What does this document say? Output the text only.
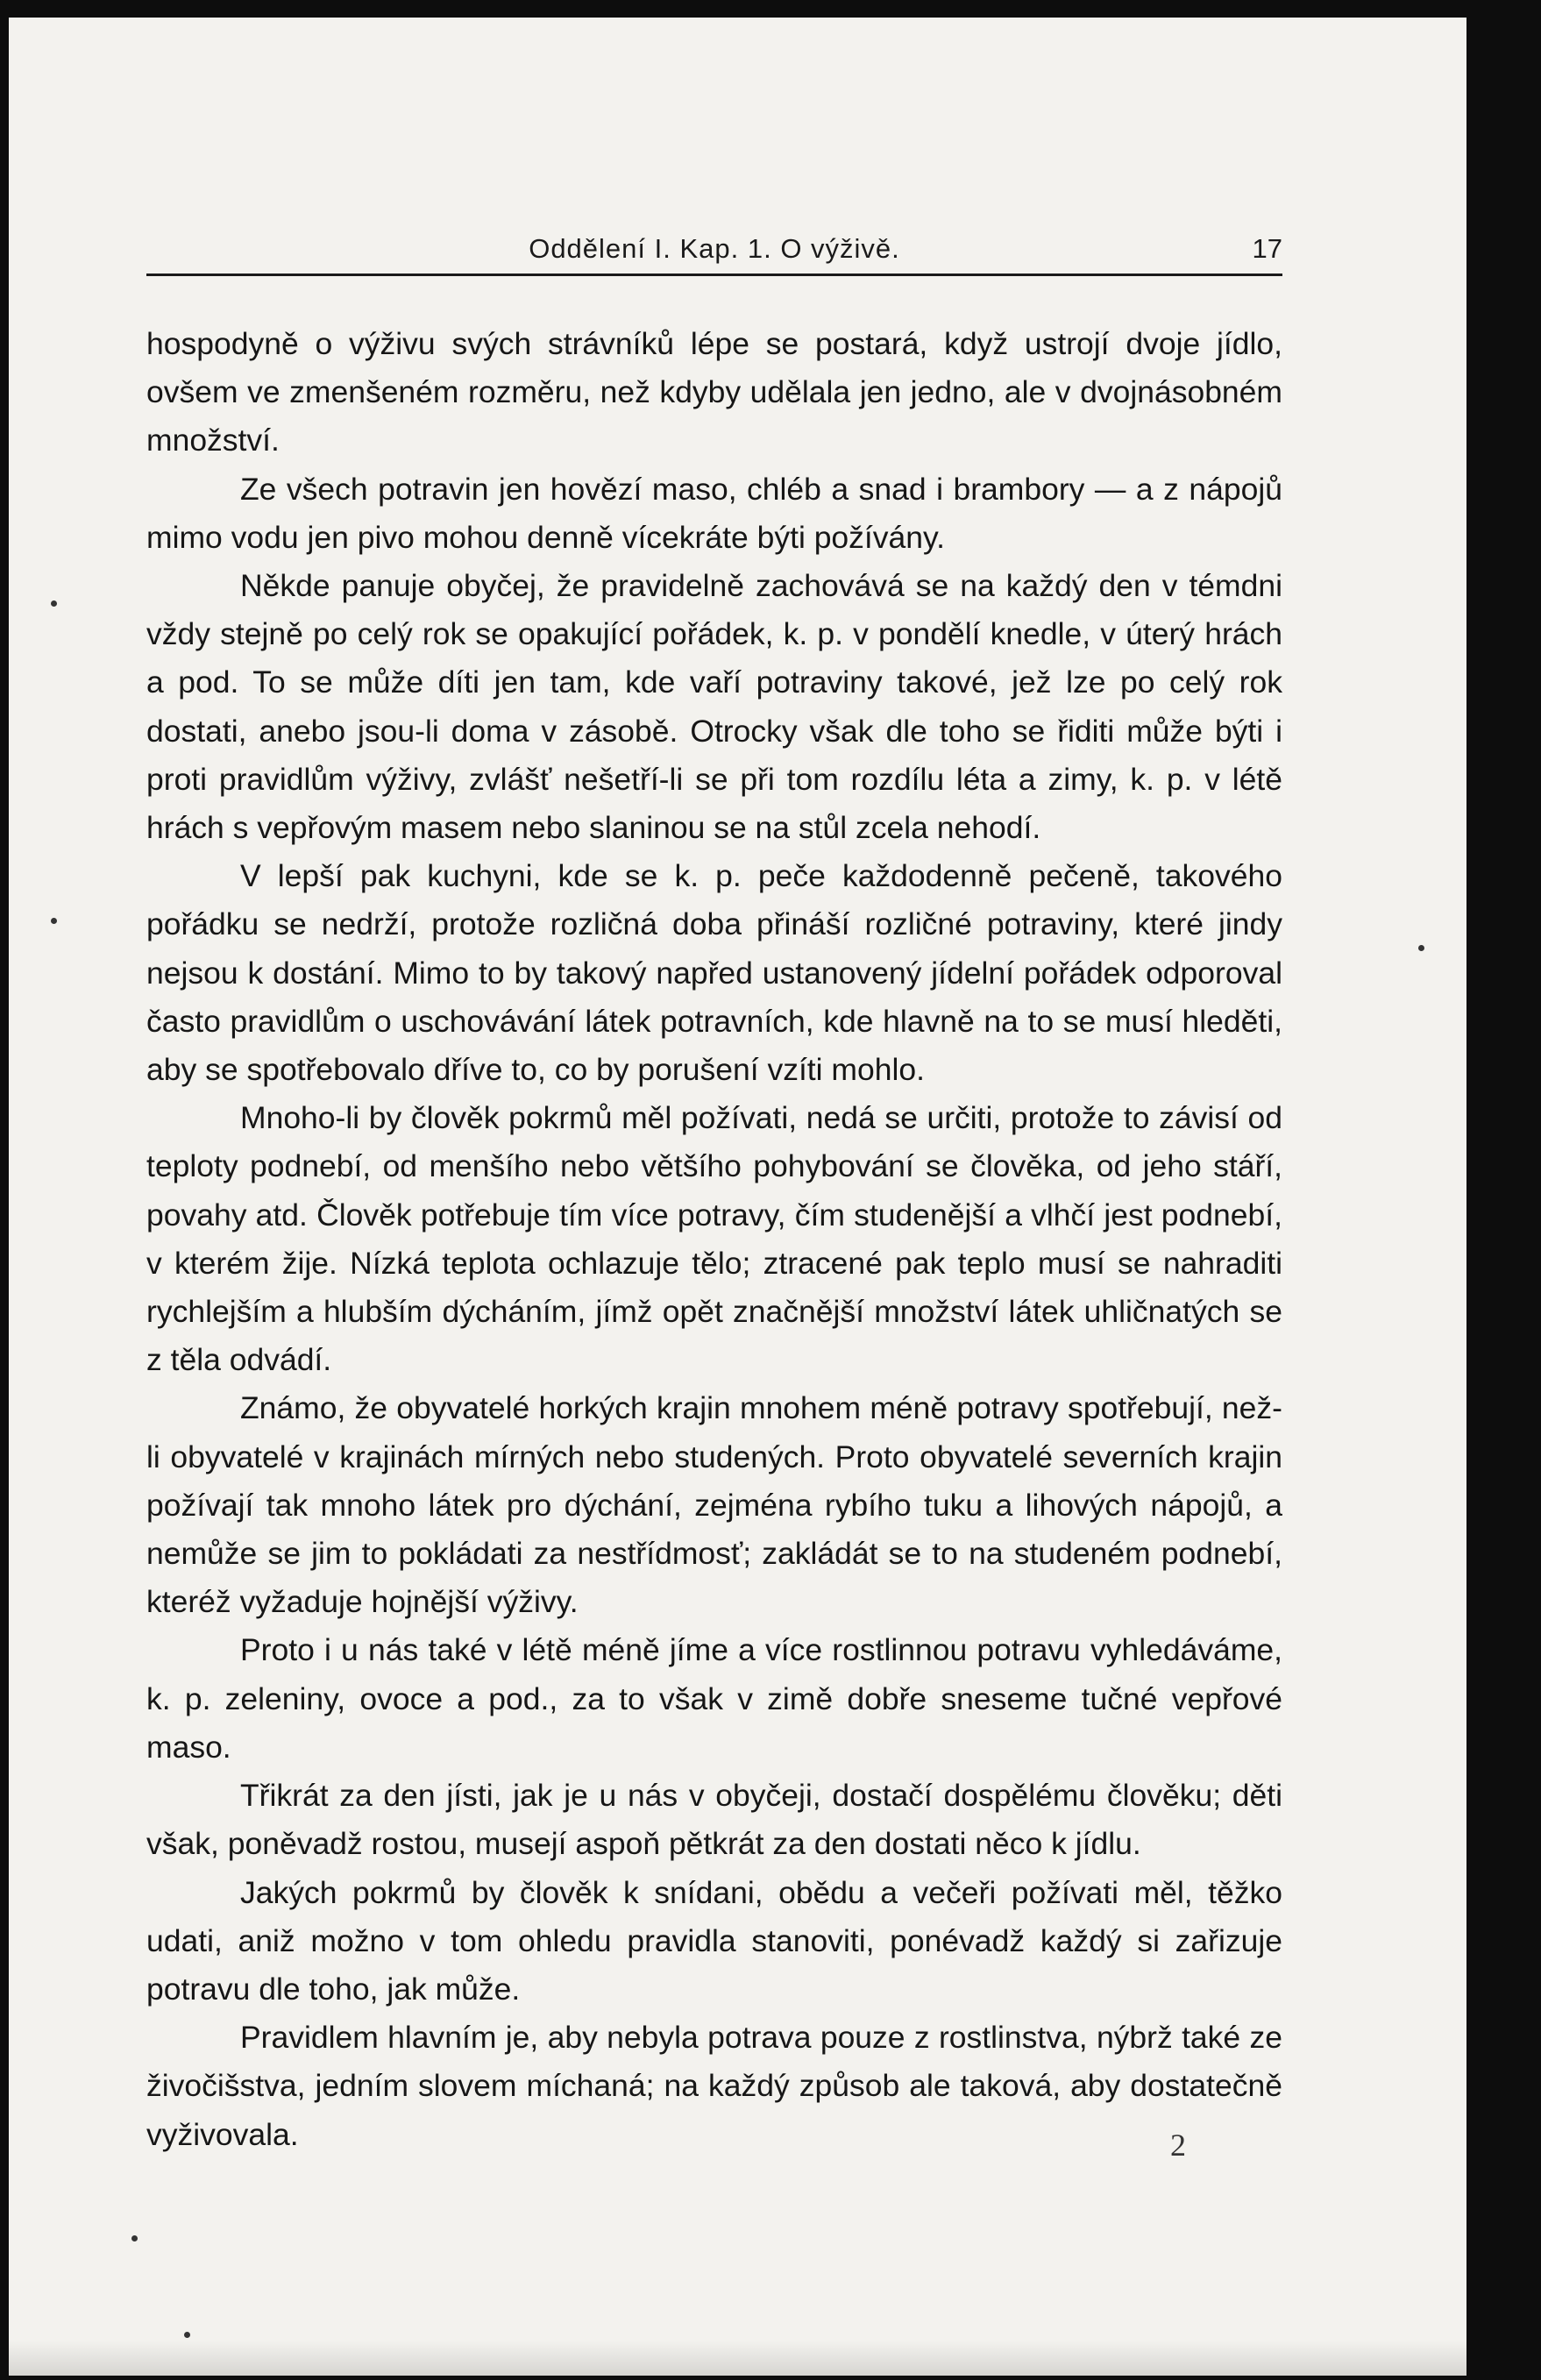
Oddělení I. Kap. 1. O výživě.	17

hospodyně o výživu svých strávníků lépe se postará, když ustrojí dvoje jídlo, ovšem ve zmenšeném rozměru, než kdyby udělala jen jedno, ale v dvojnásobném množství.

Ze všech potravin jen hovězí maso, chléb a snad i brambory — a z nápojů mimo vodu jen pivo mohou denně vícekráte býti požívány.

Někde panuje obyčej, že pravidelně zachovává se na každý den v témdni vždy stejně po celý rok se opakující pořádek, k. p. v pondělí knedle, v úterý hrách a pod. To se může díti jen tam, kde vaří potraviny takové, jež lze po celý rok dostati, anebo jsou-li doma v zásobě. Otrocky však dle toho se řiditi může býti i proti pravidlům výživy, zvlášť nešetří-li se při tom rozdílu léta a zimy, k. p. v létě hrách s vepřovým masem nebo slaninou se na stůl zcela nehodí.

V lepší pak kuchyni, kde se k. p. peče každodenně pečeně, takového pořádku se nedrží, protože rozličná doba přináší rozličné potraviny, které jindy nejsou k dostání. Mimo to by takový napřed ustanovený jídelní pořádek odporoval často pravidlům o uschovávání látek potravních, kde hlavně na to se musí hleděti, aby se spotřebovalo dříve to, co by porušení vzíti mohlo.

Mnoho-li by člověk pokrmů měl požívati, nedá se určiti, protože to závisí od teploty podnebí, od menšího nebo většího pohybování se člověka, od jeho stáří, povahy atd. Člověk potřebuje tím více potravy, čím studenější a vlhčí jest podnebí, v kterém žije. Nízká teplota ochlazuje tělo; ztracené pak teplo musí se nahraditi rychlejším a hlubším dýcháním, jímž opět značnější množství látek uhličnatých se z těla odvádí.

Známo, že obyvatelé horkých krajin mnohem méně potravy spotřebují, než-li obyvatelé v krajinách mírných nebo studených. Proto obyvatelé severních krajin požívají tak mnoho látek pro dýchání, zejména rybího tuku a lihových nápojů, a nemůže se jim to pokládati za nestřídmosť; zakládát se to na studeném podnebí, kteréž vyžaduje hojnější výživy.

Proto i u nás také v létě méně jíme a více rostlinnou potravu vyhledáváme, k. p. zeleniny, ovoce a pod., za to však v zimě dobře sneseme tučné vepřové maso.

Třikrát za den jísti, jak je u nás v obyčeji, dostačí dospělému člověku; děti však, poněvadž rostou, musejí aspoň pětkrát za den dostati něco k jídlu.

Jakých pokrmů by člověk k snídani, obědu a večeři požívati měl, těžko udati, aniž možno v tom ohledu pravidla stanoviti, ponévadž každý si zařizuje potravu dle toho, jak může.

Pravidlem hlavním je, aby nebyla potrava pouze z rostlinstva, nýbrž také ze živočišstva, jedním slovem míchaná; na každý způsob ale taková, aby dostatečně vyživovala.	2
